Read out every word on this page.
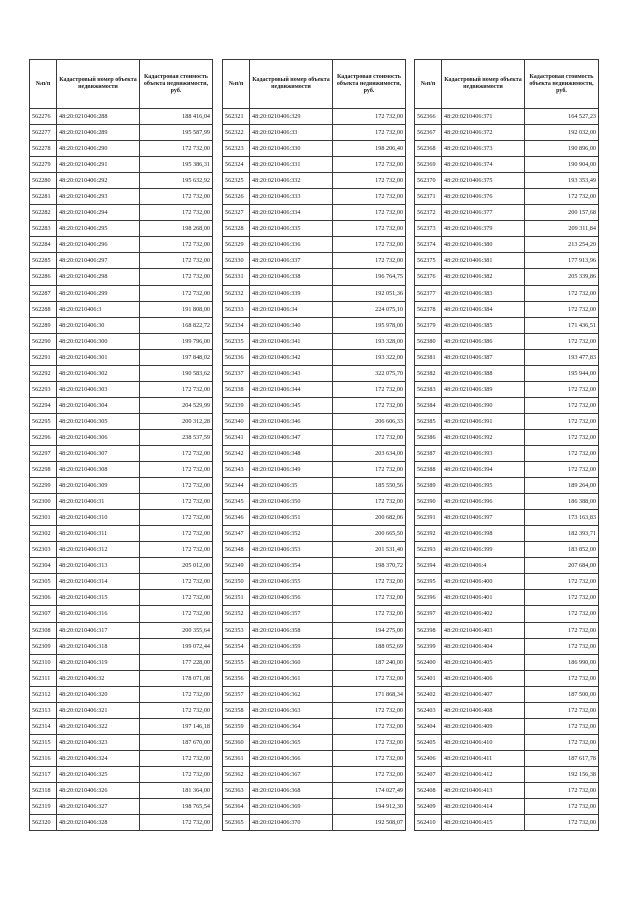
№п/п	Кадастровый номер объекта недвижимости	Кадастровая стоимость объекта недвижимости, руб.
562276	48:20:0210406:288	188 416,04
562277	48:20:0210406:289	195 587,99
562278	48:20:0210406:290	172 732,00
562279	48:20:0210406:291	195 386,31
562280	48:20:0210406:292	195 632,92
562281	48:20:0210406:293	172 732,00
562282	48:20:0210406:294	172 732,00
562283	48:20:0210406:295	198 268,00
562284	48:20:0210406:296	172 732,00
562285	48:20:0210406:297	172 732,00
562286	48:20:0210406:298	172 732,00
562287	48:20:0210406:299	172 732,00
562288	48:20:0210406:3	191 808,00
562289	48:20:0210406:30	168 822,72
562290	48:20:0210406:300	199 796,00
562291	48:20:0210406:301	197 848,02
562292	48:20:0210406:302	190 583,62
562293	48:20:0210406:303	172 732,00
562294	48:20:0210406:304	204 529,99
562295	48:20:0210406:305	200 312,28
562296	48:20:0210406:306	238 537,59
562297	48:20:0210406:307	172 732,00
562298	48:20:0210406:308	172 732,00
562299	48:20:0210406:309	172 732,00
562300	48:20:0210406:31	172 732,00
562301	48:20:0210406:310	172 732,00
562302	48:20:0210406:311	172 732,00
562303	48:20:0210406:312	172 732,00
562304	48:20:0210406:313	205 012,00
562305	48:20:0210406:314	172 732,00
562306	48:20:0210406:315	172 732,00
562307	48:20:0210406:316	172 732,00
562308	48:20:0210406:317	200 355,64
562309	48:20:0210406:318	199 072,44
562310	48:20:0210406:319	177 228,00
562311	48:20:0210406:32	178 071,08
562312	48:20:0210406:320	172 732,00
562313	48:20:0210406:321	172 732,00
562314	48:20:0210406:322	197 146,18
562315	48:20:0210406:323	187 670,00
562316	48:20:0210406:324	172 732,00
562317	48:20:0210406:325	172 732,00
562318	48:20:0210406:326	181 364,00
562319	48:20:0210406:327	198 765,54
562320	48:20:0210406:328	172 732,00
№п/п	Кадастровый номер объекта недвижимости	Кадастровая стоимость объекта недвижимости, руб.
562321	48:20:0210406:329	172 732,00
562322	48:20:0210406:33	172 732,00
562323	48:20:0210406:330	198 206,40
562324	48:20:0210406:331	172 732,00
562325	48:20:0210406:332	172 732,00
562326	48:20:0210406:333	172 732,00
562327	48:20:0210406:334	172 732,00
562328	48:20:0210406:335	172 732,00
562329	48:20:0210406:336	172 732,00
562330	48:20:0210406:337	172 732,00
562331	48:20:0210406:338	196 764,75
562332	48:20:0210406:339	192 051,36
562333	48:20:0210406:34	224 075,10
562334	48:20:0210406:340	195 978,00
562335	48:20:0210406:341	193 328,00
562336	48:20:0210406:342	193 322,00
562337	48:20:0210406:343	322 075,70
562338	48:20:0210406:344	172 732,00
562339	48:20:0210406:345	172 732,00
562340	48:20:0210406:346	206 606,33
562341	48:20:0210406:347	172 732,00
562342	48:20:0210406:348	203 634,00
562343	48:20:0210406:349	172 732,00
562344	48:20:0210406:35	185 550,56
562345	48:20:0210406:350	172 732,00
562346	48:20:0210406:351	200 682,06
562347	48:20:0210406:352	200 665,50
562348	48:20:0210406:353	201 531,40
562349	48:20:0210406:354	198 370,72
562350	48:20:0210406:355	172 732,00
562351	48:20:0210406:356	172 732,00
562352	48:20:0210406:357	172 732,00
562353	48:20:0210406:358	194 275,00
562354	48:20:0210406:359	188 052,69
562355	48:20:0210406:360	187 240,00
562356	48:20:0210406:361	172 732,00
562357	48:20:0210406:362	171 868,34
562358	48:20:0210406:363	172 732,00
562359	48:20:0210406:364	172 732,00
562360	48:20:0210406:365	172 732,00
562361	48:20:0210406:366	172 732,00
562362	48:20:0210406:367	172 732,00
562363	48:20:0210406:368	174 027,49
562364	48:20:0210406:369	194 912,30
562365	48:20:0210406:370	192 508,07
№п/п	Кадастровый номер объекта недвижимости	Кадастровая стоимость объекта недвижимости, руб.
562366	48:20:0210406:371	164 527,23
562367	48:20:0210406:372	192 032,00
562368	48:20:0210406:373	190 896,00
562369	48:20:0210406:374	190 904,00
562370	48:20:0210406:375	193 353,49
562371	48:20:0210406:376	172 732,00
562372	48:20:0210406:377	200 157,68
562373	48:20:0210406:379	209 311,84
562374	48:20:0210406:380	213 254,20
562375	48:20:0210406:381	177 913,96
562376	48:20:0210406:382	205 339,86
562377	48:20:0210406:383	172 732,00
562378	48:20:0210406:384	172 732,00
562379	48:20:0210406:385	171 436,51
562380	48:20:0210406:386	172 732,00
562381	48:20:0210406:387	193 477,83
562382	48:20:0210406:388	195 944,00
562383	48:20:0210406:389	172 732,00
562384	48:20:0210406:390	172 732,00
562385	48:20:0210406:391	172 732,00
562386	48:20:0210406:392	172 732,00
562387	48:20:0210406:393	172 732,00
562388	48:20:0210406:394	172 732,00
562389	48:20:0210406:395	189 264,00
562390	48:20:0210406:396	186 388,00
562391	48:20:0210406:397	173 163,83
562392	48:20:0210406:398	182 393,71
562393	48:20:0210406:399	183 852,00
562394	48:20:0210406:4	207 684,00
562395	48:20:0210406:400	172 732,00
562396	48:20:0210406:401	172 732,00
562397	48:20:0210406:402	172 732,00
562398	48:20:0210406:403	172 732,00
562399	48:20:0210406:404	172 732,00
562400	48:20:0210406:405	186 990,00
562401	48:20:0210406:406	172 732,00
562402	48:20:0210406:407	187 500,00
562403	48:20:0210406:408	172 732,00
562404	48:20:0210406:409	172 732,00
562405	48:20:0210406:410	172 732,00
562406	48:20:0210406:411	187 617,78
562407	48:20:0210406:412	192 156,38
562408	48:20:0210406:413	172 732,00
562409	48:20:0210406:414	172 732,00
562410	48:20:0210406:415	172 732,00
